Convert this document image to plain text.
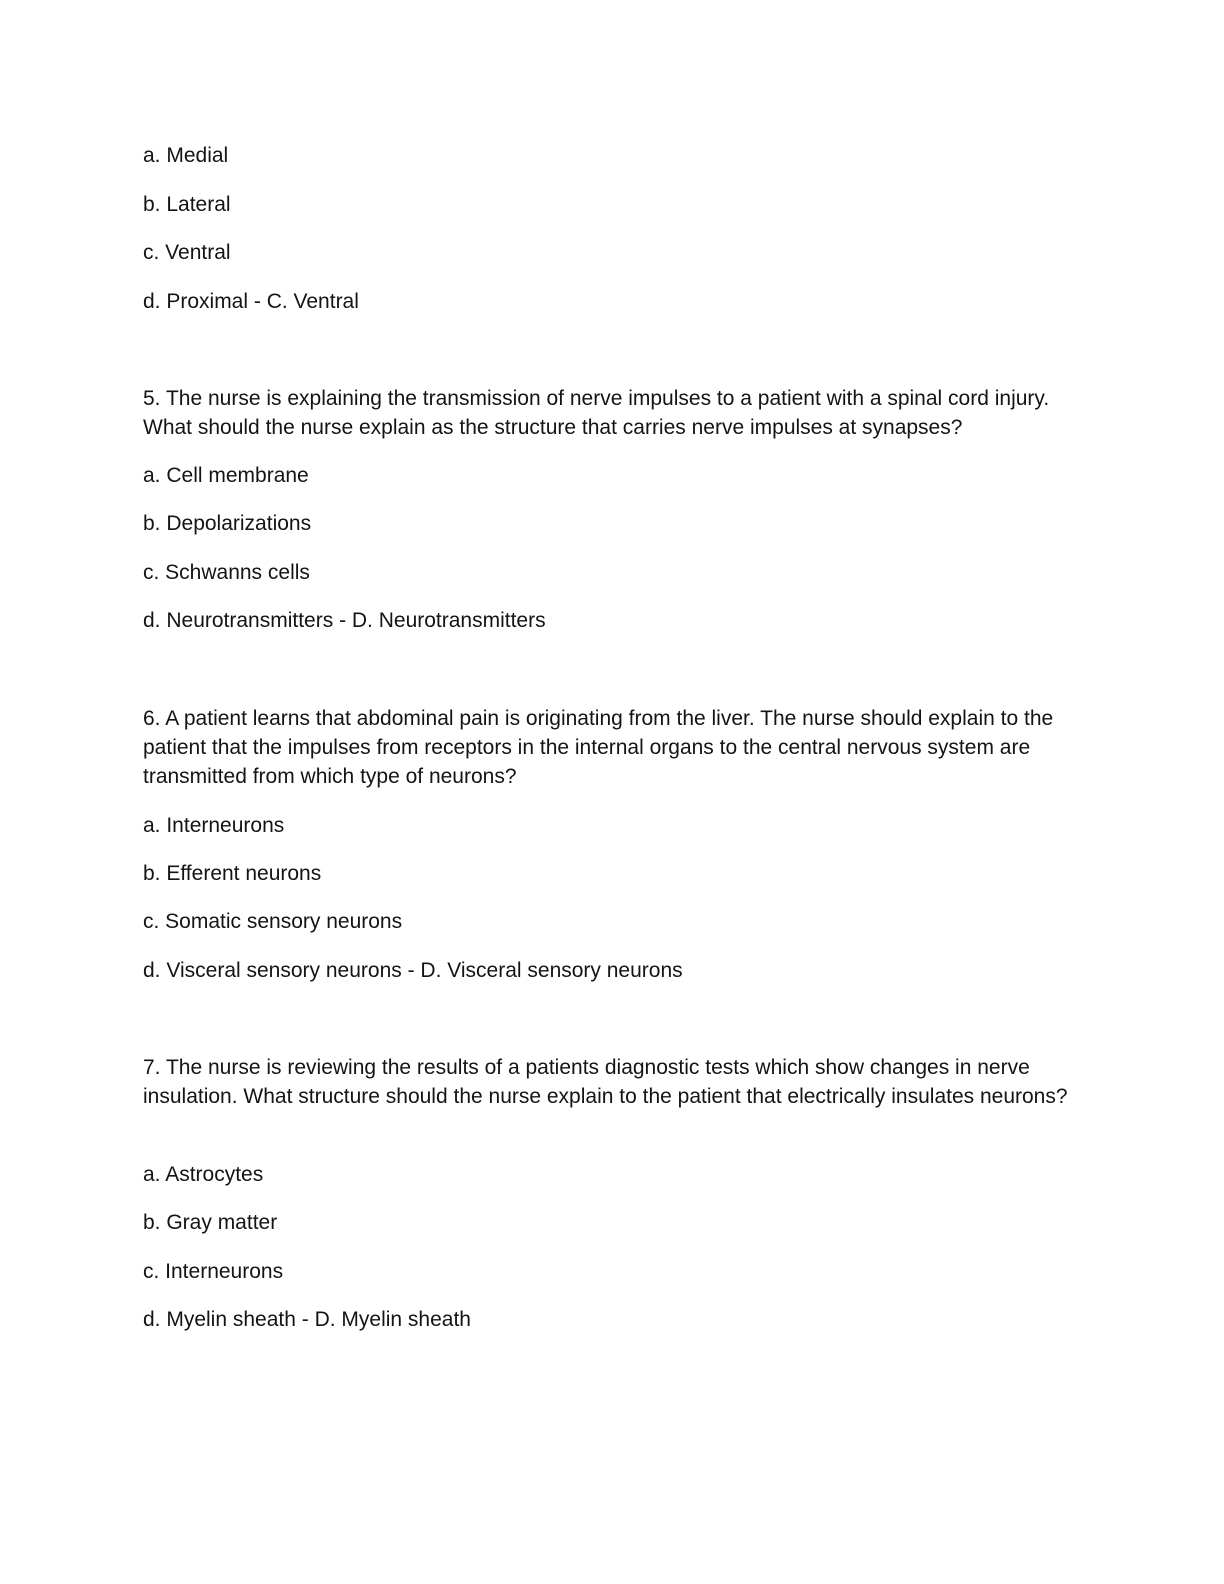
a. Medial

b. Lateral

c. Ventral

d. Proximal - C. Ventral

5. The nurse is explaining the transmission of nerve impulses to a patient with a spinal cord injury. What should the nurse explain as the structure that carries nerve impulses at synapses?

a. Cell membrane

b. Depolarizations

c. Schwanns cells

d. Neurotransmitters - D. Neurotransmitters

6. A patient learns that abdominal pain is originating from the liver. The nurse should explain to the patient that the impulses from receptors in the internal organs to the central nervous system are transmitted from which type of neurons?

a. Interneurons

b. Efferent neurons

c. Somatic sensory neurons

d. Visceral sensory neurons - D. Visceral sensory neurons

7. The nurse is reviewing the results of a patients diagnostic tests which show changes in nerve insulation. What structure should the nurse explain to the patient that electrically insulates neurons?

a. Astrocytes

b. Gray matter

c. Interneurons

d. Myelin sheath - D. Myelin sheath
